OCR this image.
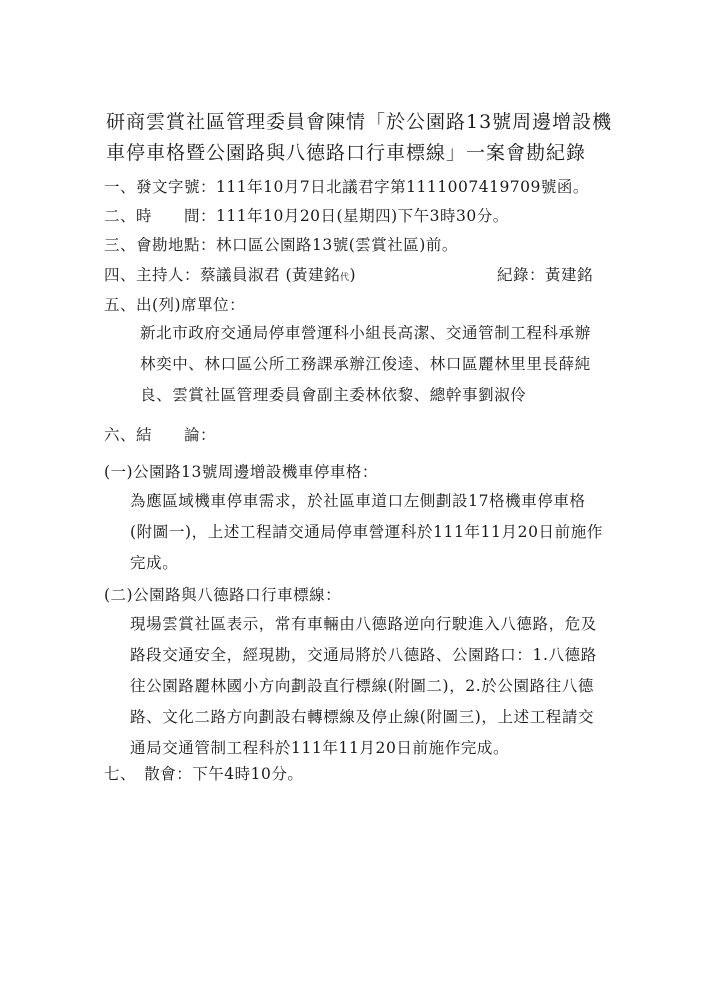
研商雲賞社區管理委員會陳情「於公園路13號周邊增設機車停車格暨公園路與八德路口行車標線」一案會勘紀錄
一、發文字號：111年10月7日北議君字第1111007419709號函。
二、時　　間：111年10月20日(星期四)下午3時30分。
三、會勘地點：林口區公園路13號(雲賞社區)前。
四、主持人：蔡議員淑君 (黃建銘代)	紀錄：黃建銘
五、出(列)席單位：
新北市政府交通局停車營運科小組長高潔、交通管制工程科承辦
林奕中、林口區公所工務課承辦江俊逵、林口區麗林里里長薛純
良、雲賞社區管理委員會副主委林依黎、總幹事劉淑伶
六、結　　論：
(一)公園路13號周邊增設機車停車格：
為應區域機車停車需求，於社區車道口左側劃設17格機車停車格
(附圖一)，上述工程請交通局停車營運科於111年11月20日前施作
完成。
(二)公園路與八德路口行車標線：
現場雲賞社區表示，常有車輛由八德路逆向行駛進入八德路，危及
路段交通安全，經現勘，交通局將於八德路、公園路口：1.八德路
往公園路麗林國小方向劃設直行標線(附圖二)，2.於公園路往八德
路、文化二路方向劃設右轉標線及停止線(附圖三)，上述工程請交
通局交通管制工程科於111年11月20日前施作完成。
七、　散會：下午4時10分。
